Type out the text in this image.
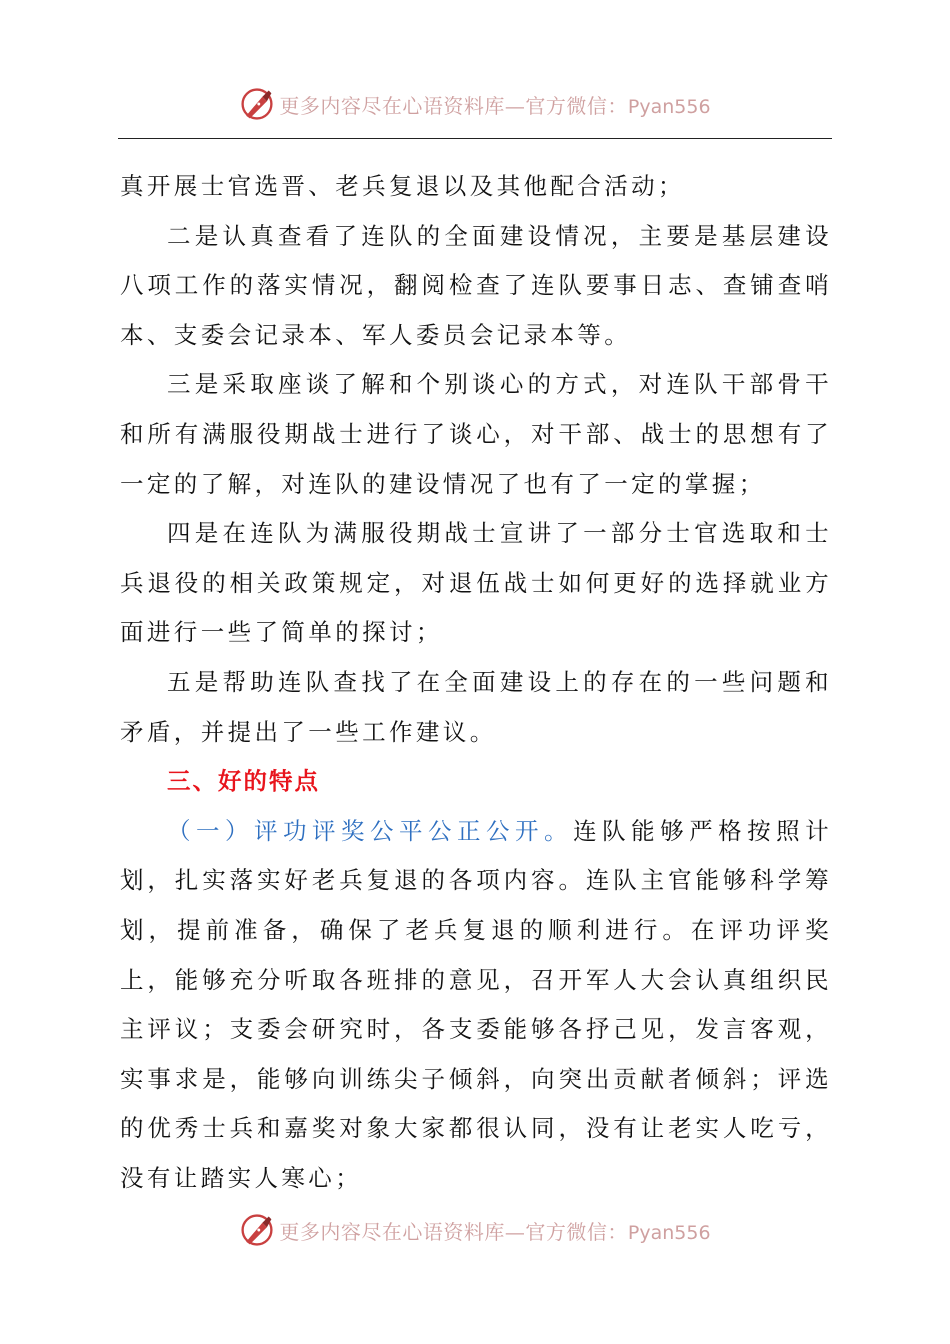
更多内容尽在心语资料库—官方微信：Pyan556

真开展士官选晋、老兵复退以及其他配合活动；

二是认真查看了连队的全面建设情况，主要是基层建设八项工作的落实情况，翻阅检查了连队要事日志、查铺查哨本、支委会记录本、军人委员会记录本等。

三是采取座谈了解和个别谈心的方式，对连队干部骨干和所有满服役期战士进行了谈心，对干部、战士的思想有了一定的了解，对连队的建设情况了也有了一定的掌握；

四是在连队为满服役期战士宣讲了一部分士官选取和士兵退役的相关政策规定，对退伍战士如何更好的选择就业方面进行一些了简单的探讨；

五是帮助连队查找了在全面建设上的存在的一些问题和矛盾，并提出了一些工作建议。

三、好的特点

（一）评功评奖公平公正公开。连队能够严格按照计划，扎实落实好老兵复退的各项内容。连队主官能够科学筹划，提前准备，确保了老兵复退的顺利进行。在评功评奖上，能够充分听取各班排的意见，召开军人大会认真组织民主评议；支委会研究时，各支委能够各抒己见，发言客观，实事求是，能够向训练尖子倾斜，向突出贡献者倾斜；评选的优秀士兵和嘉奖对象大家都很认同，没有让老实人吃亏，没有让踏实人寒心；

更多内容尽在心语资料库—官方微信：Pyan556
